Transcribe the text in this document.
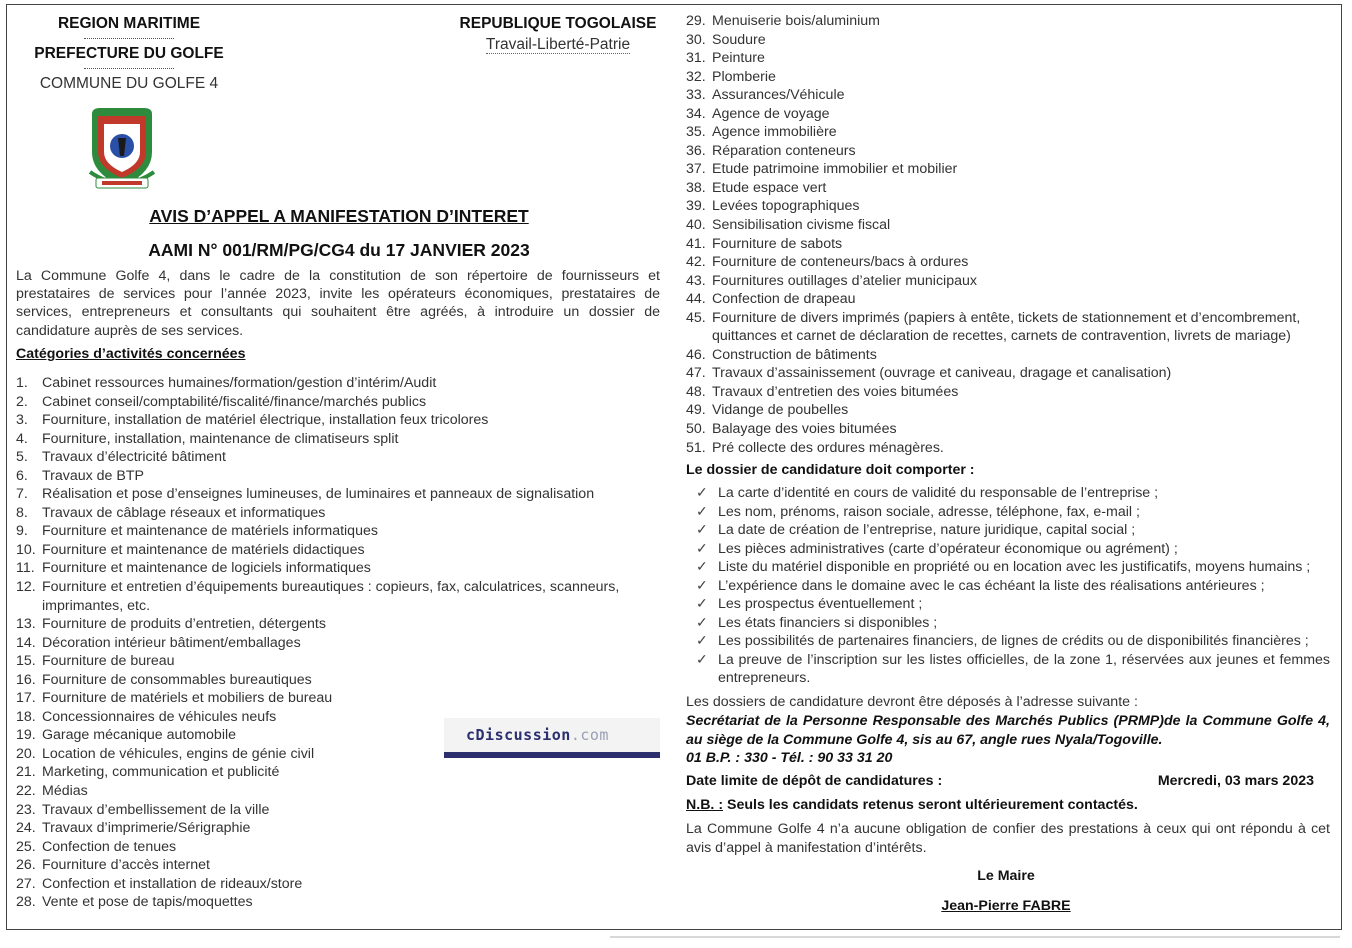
REGION MARITIME
PREFECTURE DU GOLFE
COMMUNE DU GOLFE 4
REPUBLIQUE TOGOLAISE
Travail-Liberté-Patrie
AVIS D’APPEL A MANIFESTATION D’INTERET
AAMI N° 001/RM/PG/CG4 du 17 JANVIER 2023
La Commune Golfe 4, dans le cadre de la constitution de son répertoire de fournisseurs et prestataires de services pour l’année 2023, invite les opérateurs économiques, prestataires de services, entrepreneurs et consultants qui souhaitent être agréés, à introduire un dossier de candidature auprès de ses services.
Catégories d’activités concernées
1. Cabinet ressources humaines/formation/gestion d’intérim/Audit
2. Cabinet conseil/comptabilité/fiscalité/finance/marchés publics
3. Fourniture, installation de matériel électrique, installation feux tricolores
4. Fourniture, installation, maintenance de climatiseurs split
5. Travaux d’électricité bâtiment
6. Travaux de BTP
7. Réalisation et pose d’enseignes lumineuses, de luminaires et panneaux de signalisation
8. Travaux de câblage réseaux et informatiques
9. Fourniture et maintenance de matériels informatiques
10. Fourniture et maintenance de matériels didactiques
11. Fourniture et maintenance de logiciels informatiques
12. Fourniture et entretien d’équipements bureautiques : copieurs, fax, calculatrices, scanneurs, imprimantes, etc.
13. Fourniture de produits d’entretien, détergents
14. Décoration intérieur bâtiment/emballages
15. Fourniture de bureau
16. Fourniture de consommables bureautiques
17. Fourniture de matériels et mobiliers de bureau
18. Concessionnaires de véhicules neufs
19. Garage mécanique automobile
20. Location de véhicules, engins de génie civil
21. Marketing, communication et publicité
22. Médias
23. Travaux d’embellissement de la ville
24. Travaux d’imprimerie/Sérigraphie
25. Confection de tenues
26. Fourniture d’accès internet
27. Confection et installation de rideaux/store
28. Vente et pose de tapis/moquettes
cDiscussion.com
29. Menuiserie bois/aluminium
30. Soudure
31. Peinture
32. Plomberie
33. Assurances/Véhicule
34. Agence de voyage
35. Agence immobilière
36. Réparation conteneurs
37. Etude patrimoine immobilier et mobilier
38. Etude espace vert
39. Levées topographiques
40. Sensibilisation civisme fiscal
41. Fourniture de sabots
42. Fourniture de conteneurs/bacs à ordures
43. Fournitures outillages d’atelier municipaux
44. Confection de drapeau
45. Fourniture de divers imprimés (papiers à entête, tickets de stationnement et d’encombrement, quittances et carnet de déclaration de recettes, carnets de contravention, livrets de mariage)
46. Construction de bâtiments
47. Travaux d’assainissement (ouvrage et caniveau, dragage et canalisation)
48. Travaux d’entretien des voies bitumées
49. Vidange de poubelles
50. Balayage des voies bitumées
51. Pré collecte des ordures ménagères.
Le dossier de candidature doit comporter :
✓ La carte d’identité en cours de validité du responsable de l’entreprise ;
✓ Les nom, prénoms, raison sociale, adresse, téléphone, fax, e-mail ;
✓ La date de création de l’entreprise, nature juridique, capital social ;
✓ Les pièces administratives (carte d’opérateur économique ou agrément) ;
✓ Liste du matériel disponible en propriété ou en location avec les justificatifs, moyens humains ;
✓ L’expérience dans le domaine avec le cas échéant la liste des réalisations antérieures ;
✓ Les prospectus éventuellement ;
✓ Les états financiers si disponibles ;
✓ Les possibilités de partenaires financiers, de lignes de crédits ou de disponibilités financières ;
✓ La preuve de l’inscription sur les listes officielles, de la zone 1, réservées aux jeunes et femmes entrepreneurs.
Les dossiers de candidature devront être déposés à l’adresse suivante :
Secrétariat de la Personne Responsable des Marchés Publics (PRMP)de la Commune Golfe 4, au siège de la Commune Golfe 4, sis au 67, angle rues Nyala/Togoville.
01 B.P. : 330 - Tél. : 90 33 31 20
Date limite de dépôt de candidatures :	Mercredi, 03 mars 2023
N.B. : Seuls les candidats retenus seront ultérieurement contactés.
La Commune Golfe 4 n’a aucune obligation de confier des prestations à ceux qui ont répondu à cet avis d’appel à manifestation d’intérêts.
Le Maire
Jean-Pierre FABRE
